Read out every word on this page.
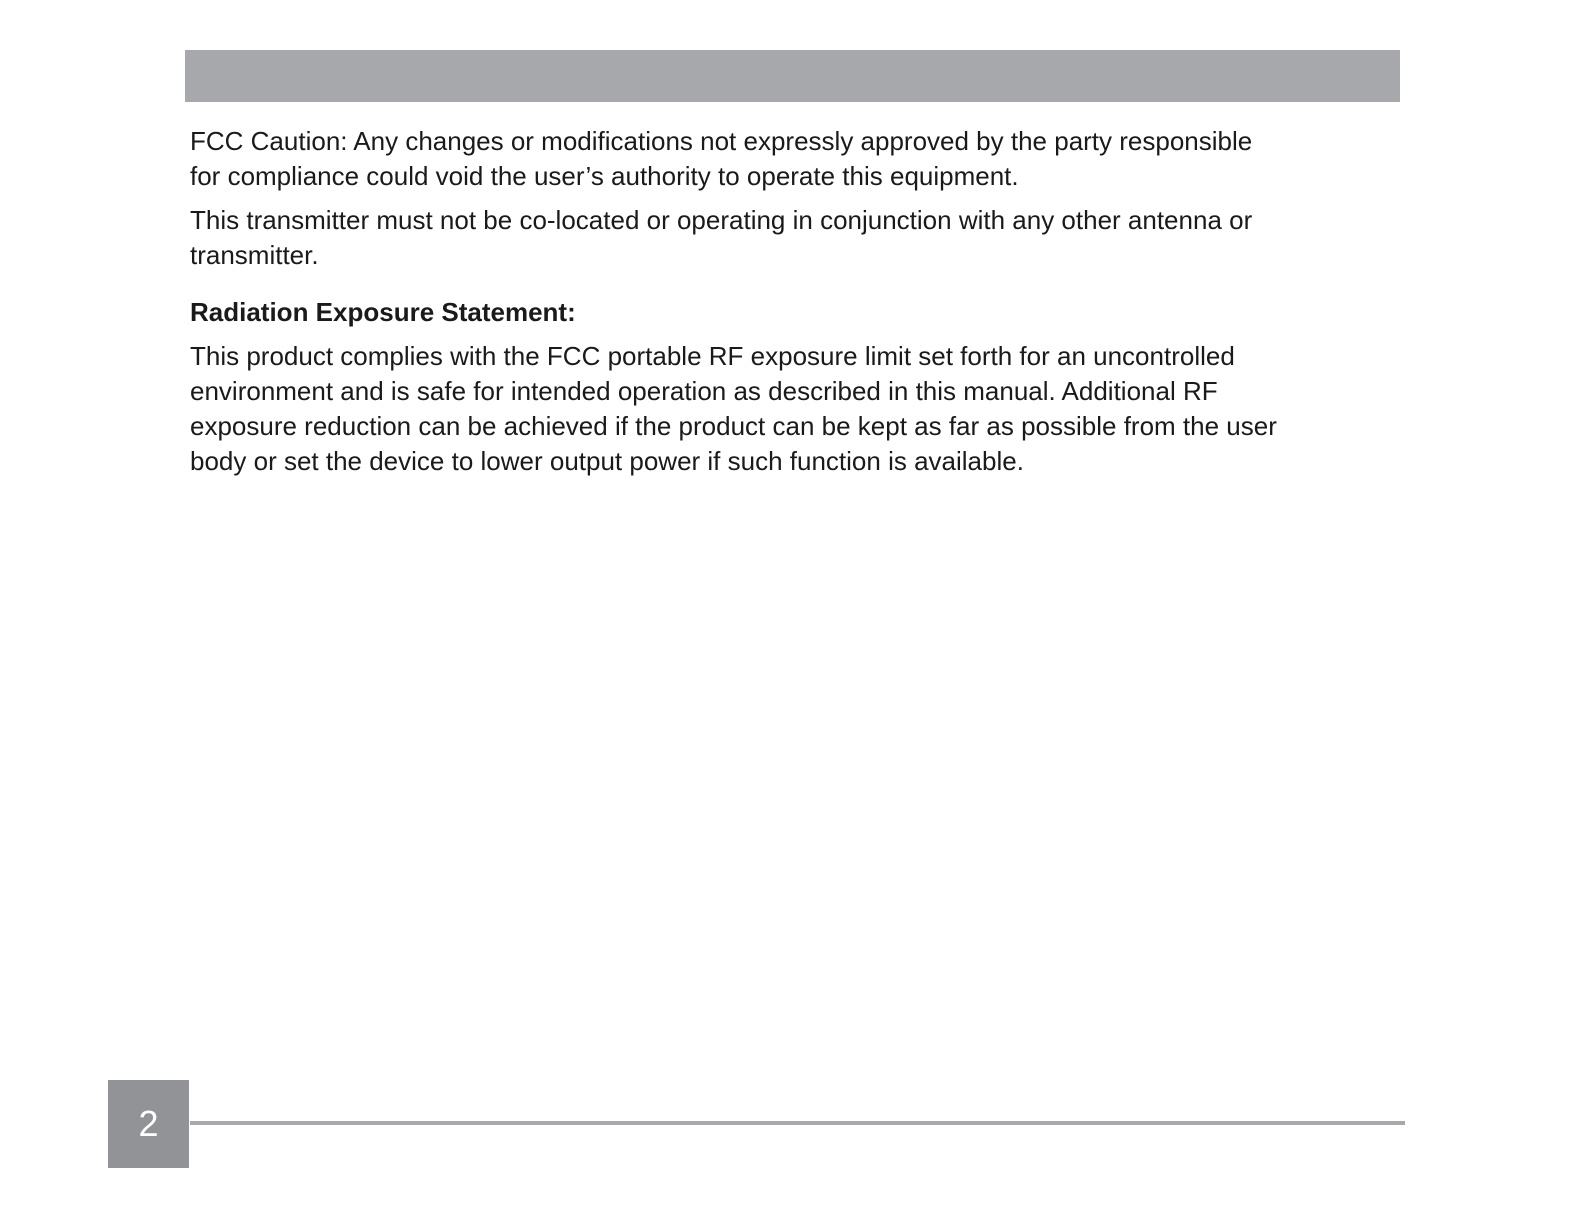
FCC Caution: Any changes or modifications not expressly approved by the party responsible
for compliance could void the user’s authority to operate this equipment.

This transmitter must not be co-located or operating in conjunction with any other antenna or
transmitter.

Radiation Exposure Statement:

This product complies with the FCC portable RF exposure limit set forth for an uncontrolled
environment and is safe for intended operation as described in this manual. Additional RF
exposure reduction can be achieved if the product can be kept as far as possible from the user
body or set the device to lower output power if such function is available.

2
